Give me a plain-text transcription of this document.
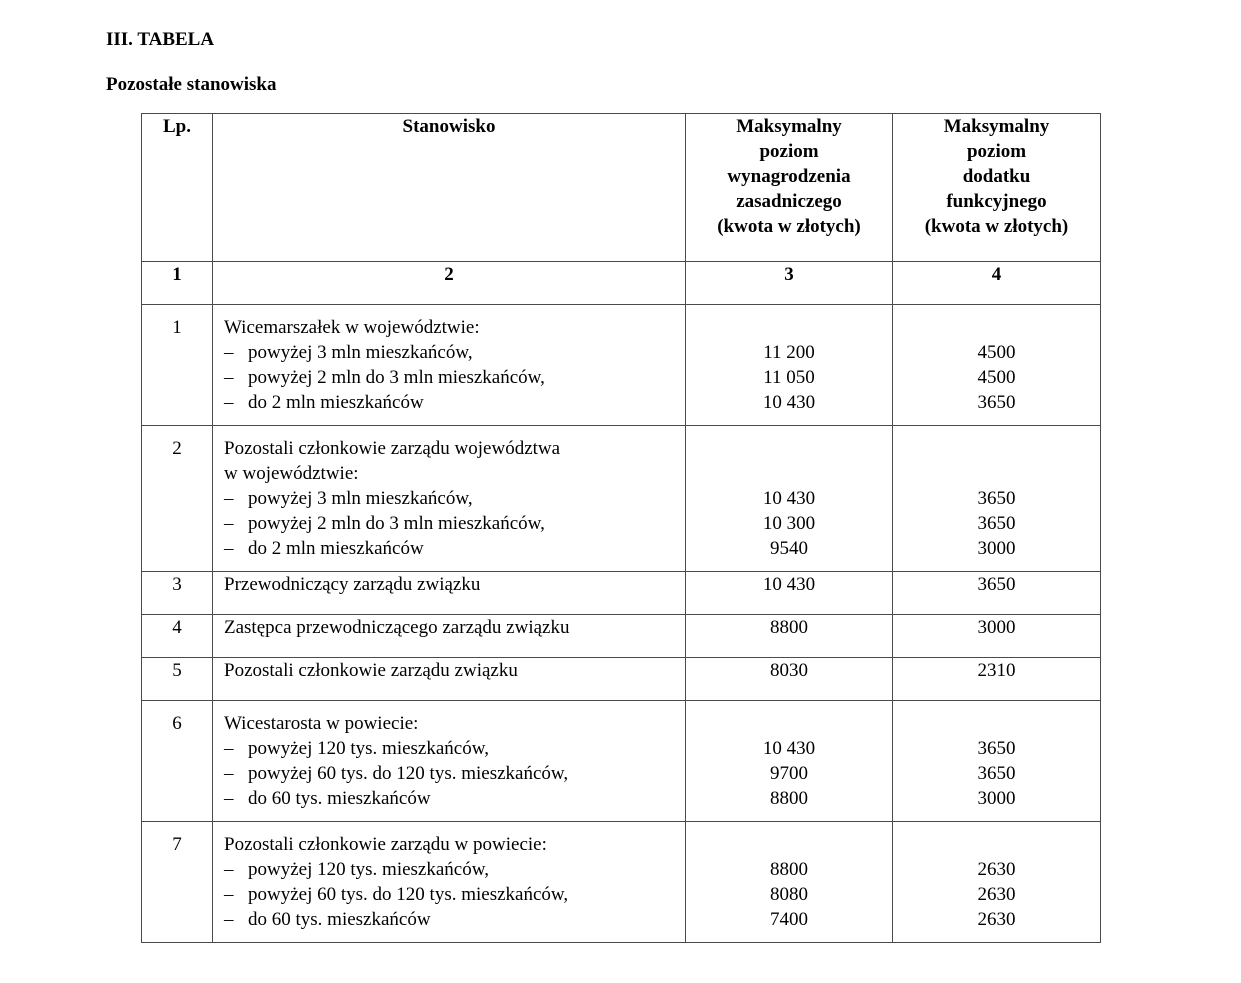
III. TABELA
Pozostałe stanowiska
Lp.	Stanowisko	Maksymalny
poziom
wynagrodzenia
zasadniczego
(kwota w złotych)	Maksymalny
poziom
dodatku
funkcyjnego
(kwota w złotych)

1	2	3	4
1	Wicemarszałek w województwie:
– powyżej 3 mln mieszkańców,
– powyżej 2 mln do 3 mln mieszkańców,
– do 2 mln mieszkańców	11 200
11 050
10 430	4500
4500
3650

2	Pozostali członkowie zarządu województwa
w województwie:
– powyżej 3 mln mieszkańców,
– powyżej 2 mln do 3 mln mieszkańców,
– do 2 mln mieszkańców	10 430
10 300
9540	3650
3650
3000

3	Przewodniczący zarządu związku	10 430	3650
4	Zastępca przewodniczącego zarządu związku	8800	3000
5	Pozostali członkowie zarządu związku	8030	2310
6	Wicestarosta w powiecie:
– powyżej 120 tys. mieszkańców,
– powyżej 60 tys. do 120 tys. mieszkańców,
– do 60 tys. mieszkańców	10 430
9700
8800	3650
3650
3000

7	Pozostali członkowie zarządu w powiecie:
– powyżej 120 tys. mieszkańców,
– powyżej 60 tys. do 120 tys. mieszkańców,
– do 60 tys. mieszkańców	8800
8080
7400	2630
2630
2630
